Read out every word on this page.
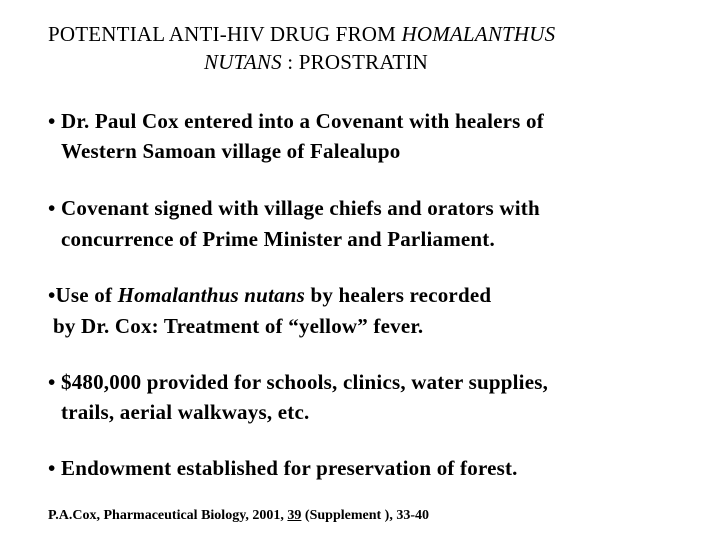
POTENTIAL ANTI-HIV DRUG FROM HOMALANTHUS
NUTANS : PROSTRATIN
• Dr. Paul Cox entered into a Covenant with healers of
Western Samoan village of Falealupo
• Covenant signed with village chiefs and orators with
concurrence of Prime Minister and Parliament.
•Use of Homalanthus nutans by healers recorded
by Dr. Cox: Treatment of “yellow” fever.
• $480,000 provided for schools, clinics, water supplies,
trails, aerial walkways, etc.
• Endowment established for preservation of forest.
P.A.Cox, Pharmaceutical Biology, 2001, 39 (Supplement ), 33-40
